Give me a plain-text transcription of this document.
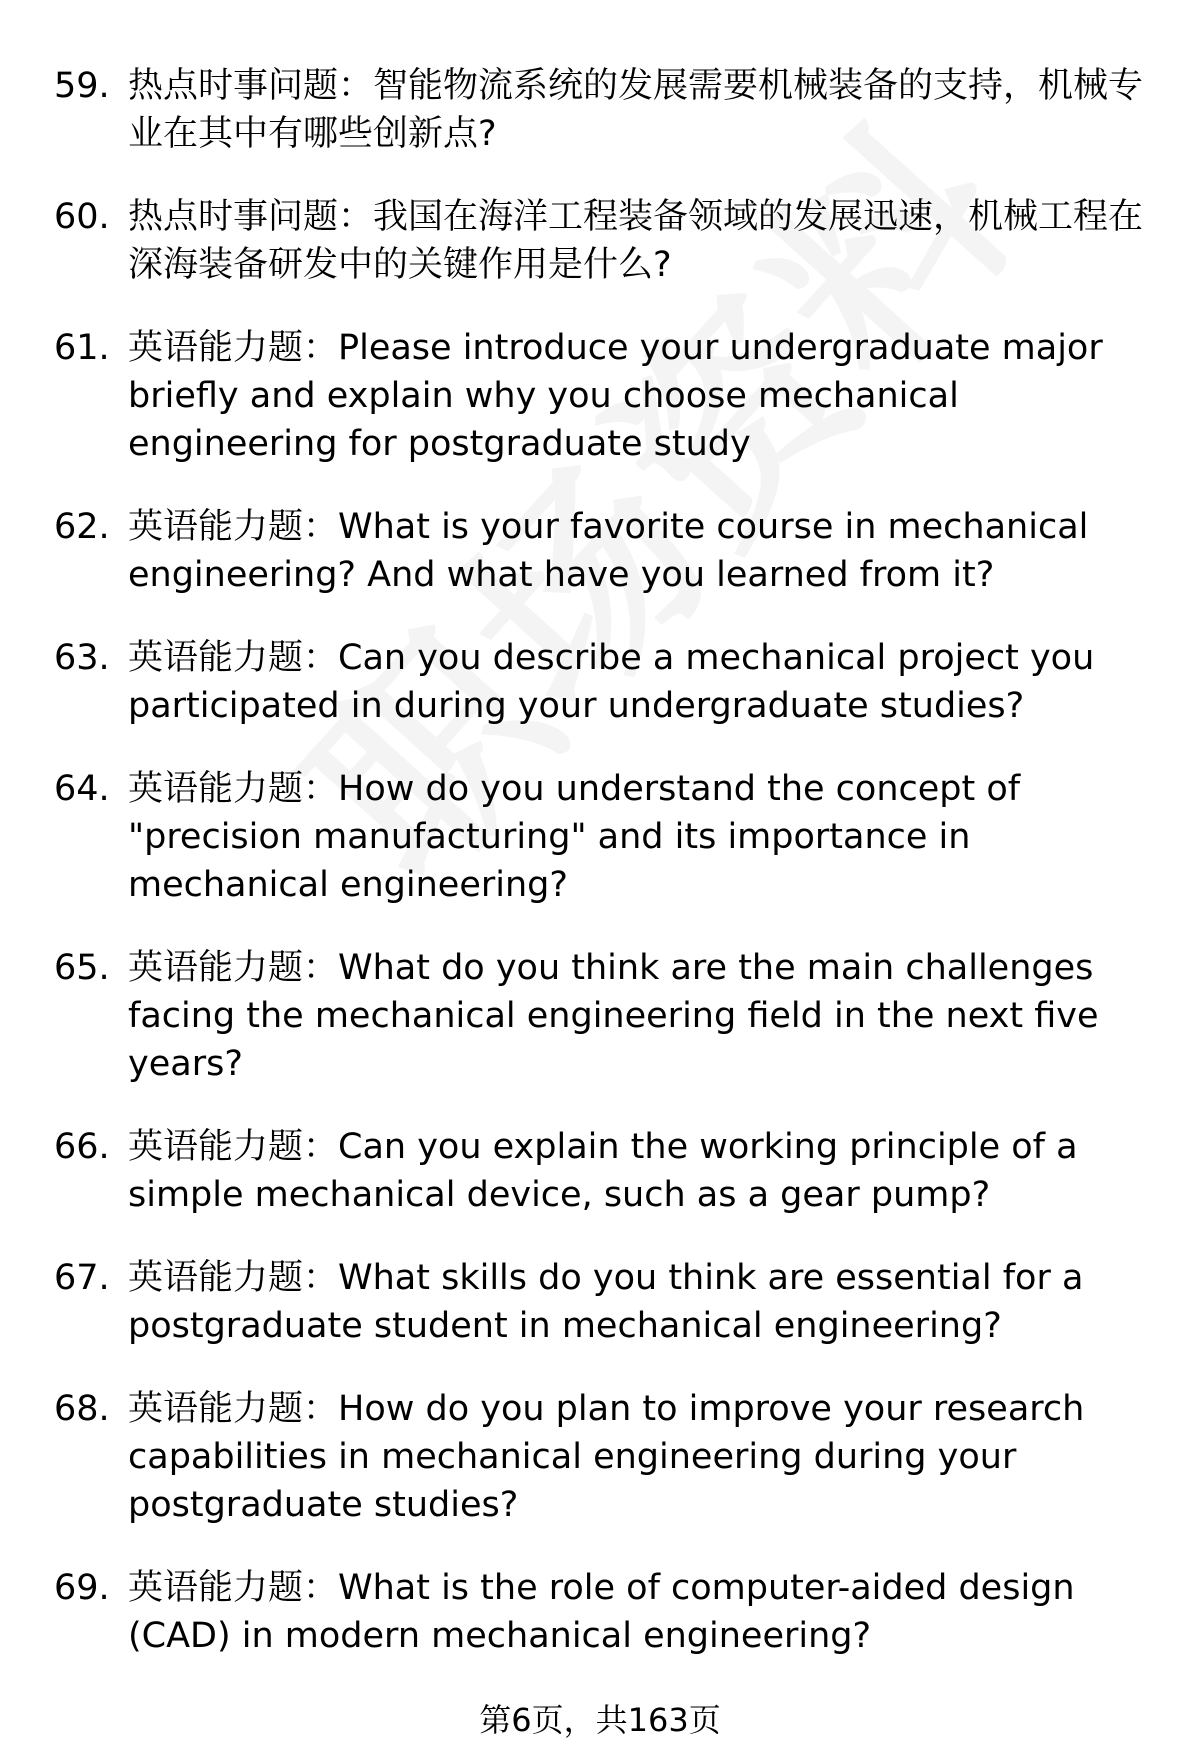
59. 热点时事问题：智能物流系统的发展需要机械装备的支持，机械专业在其中有哪些创新点?
60. 热点时事问题：我国在海洋工程装备领域的发展迅速，机械工程在深海装备研发中的关键作用是什么?
61. 英语能力题：Please introduce your undergraduate major briefly and explain why you choose mechanical engineering for postgraduate study
62. 英语能力题：What is your favorite course in mechanical engineering? And what have you learned from it?
63. 英语能力题：Can you describe a mechanical project you participated in during your undergraduate studies?
64. 英语能力题：How do you understand the concept of "precision manufacturing" and its importance in mechanical engineering?
65. 英语能力题：What do you think are the main challenges facing the mechanical engineering field in the next five years?
66. 英语能力题：Can you explain the working principle of a simple mechanical device, such as a gear pump?
67. 英语能力题：What skills do you think are essential for a postgraduate student in mechanical engineering?
68. 英语能力题：How do you plan to improve your research capabilities in mechanical engineering during your postgraduate studies?
69. 英语能力题：What is the role of computer-aided design (CAD) in modern mechanical engineering?
第6页，共163页
